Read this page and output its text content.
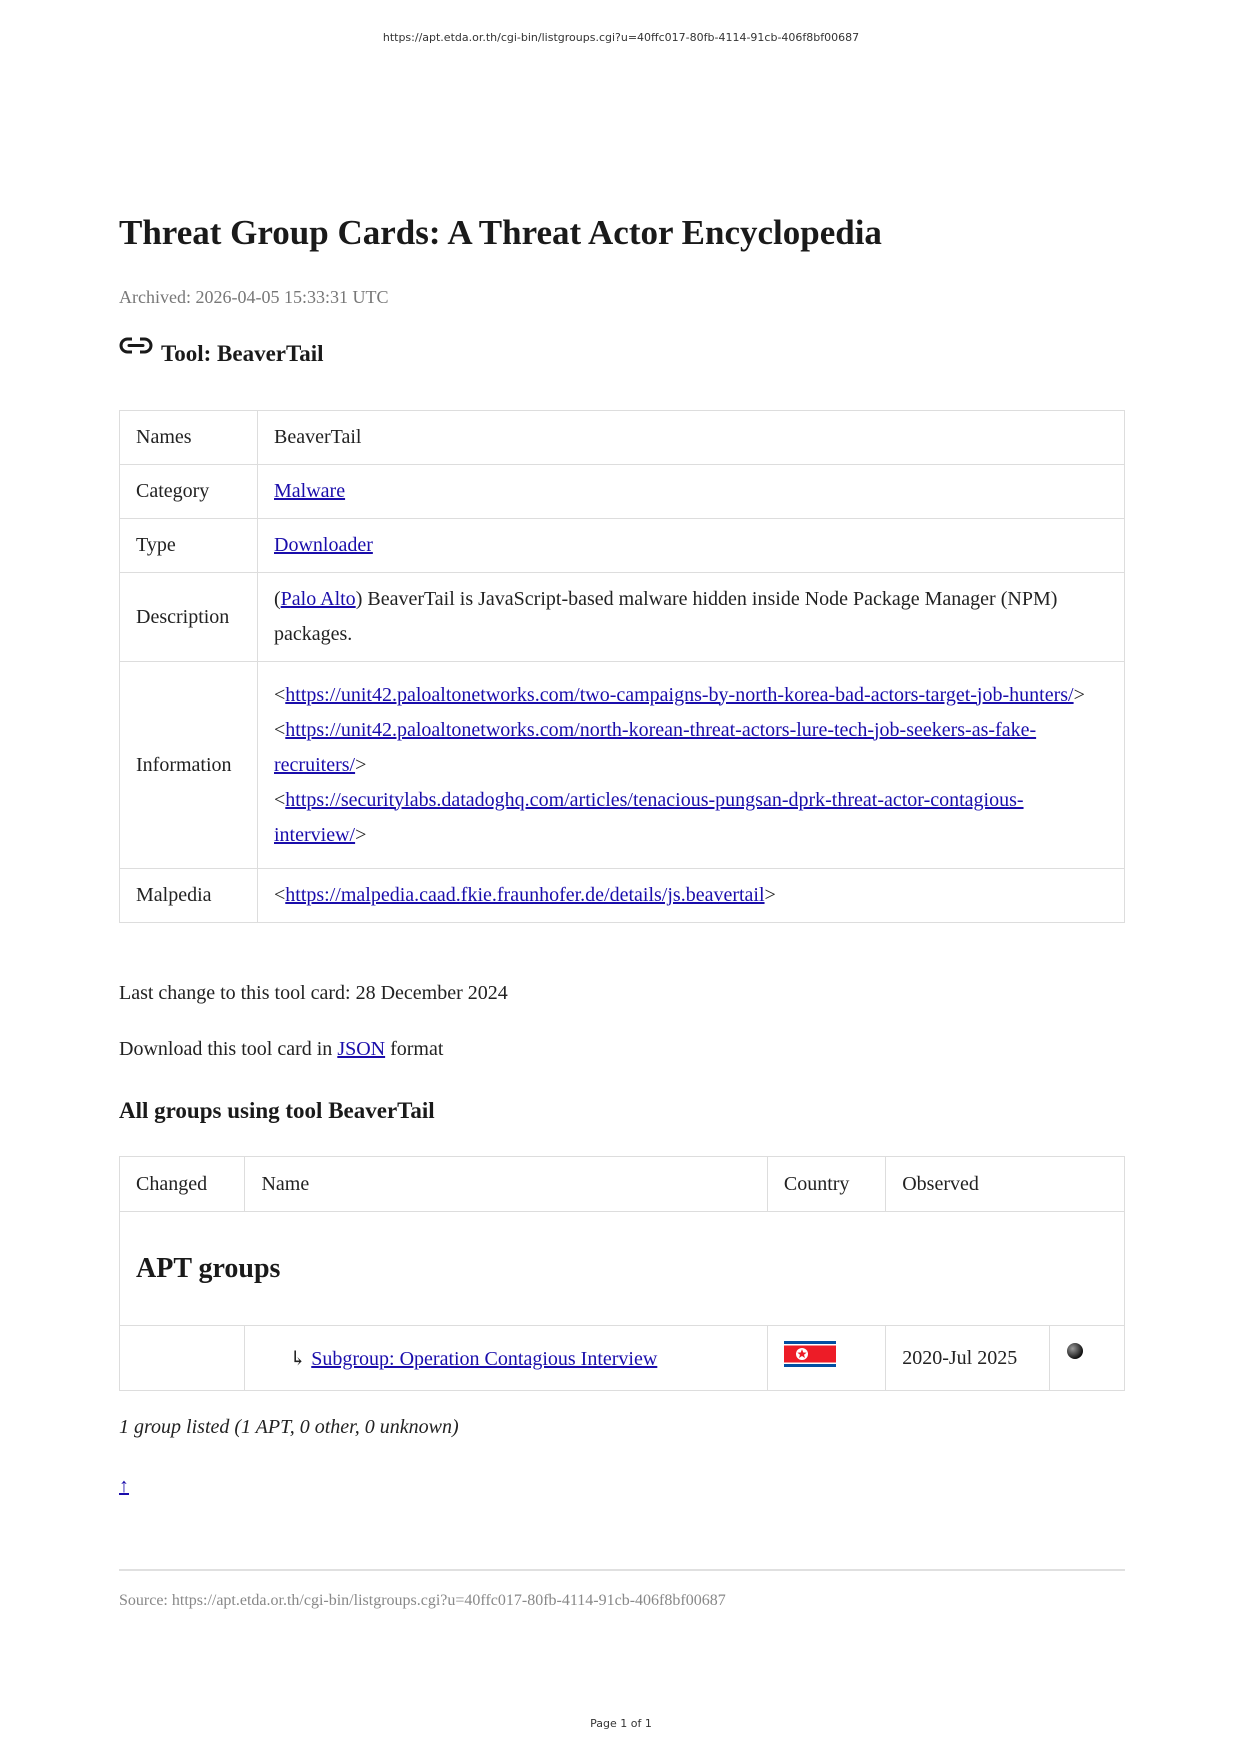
https://apt.etda.or.th/cgi-bin/listgroups.cgi?u=40ffc017-80fb-4114-91cb-406f8bf00687
Threat Group Cards: A Threat Actor Encyclopedia
Archived: 2026-04-05 15:33:31 UTC
Tool: BeaverTail
Names	BeaverTail
Category	Malware
Type	Downloader
Description	(Palo Alto) BeaverTail is JavaScript-based malware hidden inside Node Package Manager (NPM) packages.
Information	<https://unit42.paloaltonetworks.com/two-campaigns-by-north-korea-bad-actors-target-job-hunters/>
<https://unit42.paloaltonetworks.com/north-korean-threat-actors-lure-tech-job-seekers-as-fake-recruiters/>
<https://securitylabs.datadoghq.com/articles/tenacious-pungsan-dprk-threat-actor-contagious-interview/>

Malpedia	<https://malpedia.caad.fkie.fraunhofer.de/details/js.beavertail>
Last change to this tool card: 28 December 2024
Download this tool card in JSON format
All groups using tool BeaverTail
Changed	Name	Country	Observed	
APT groups				
	↳ Subgroup: Operation Contagious Interview		2020-Jul 2025	
1 group listed (1 APT, 0 other, 0 unknown)
↑
Source: https://apt.etda.or.th/cgi-bin/listgroups.cgi?u=40ffc017-80fb-4114-91cb-406f8bf00687
Page 1 of 1
